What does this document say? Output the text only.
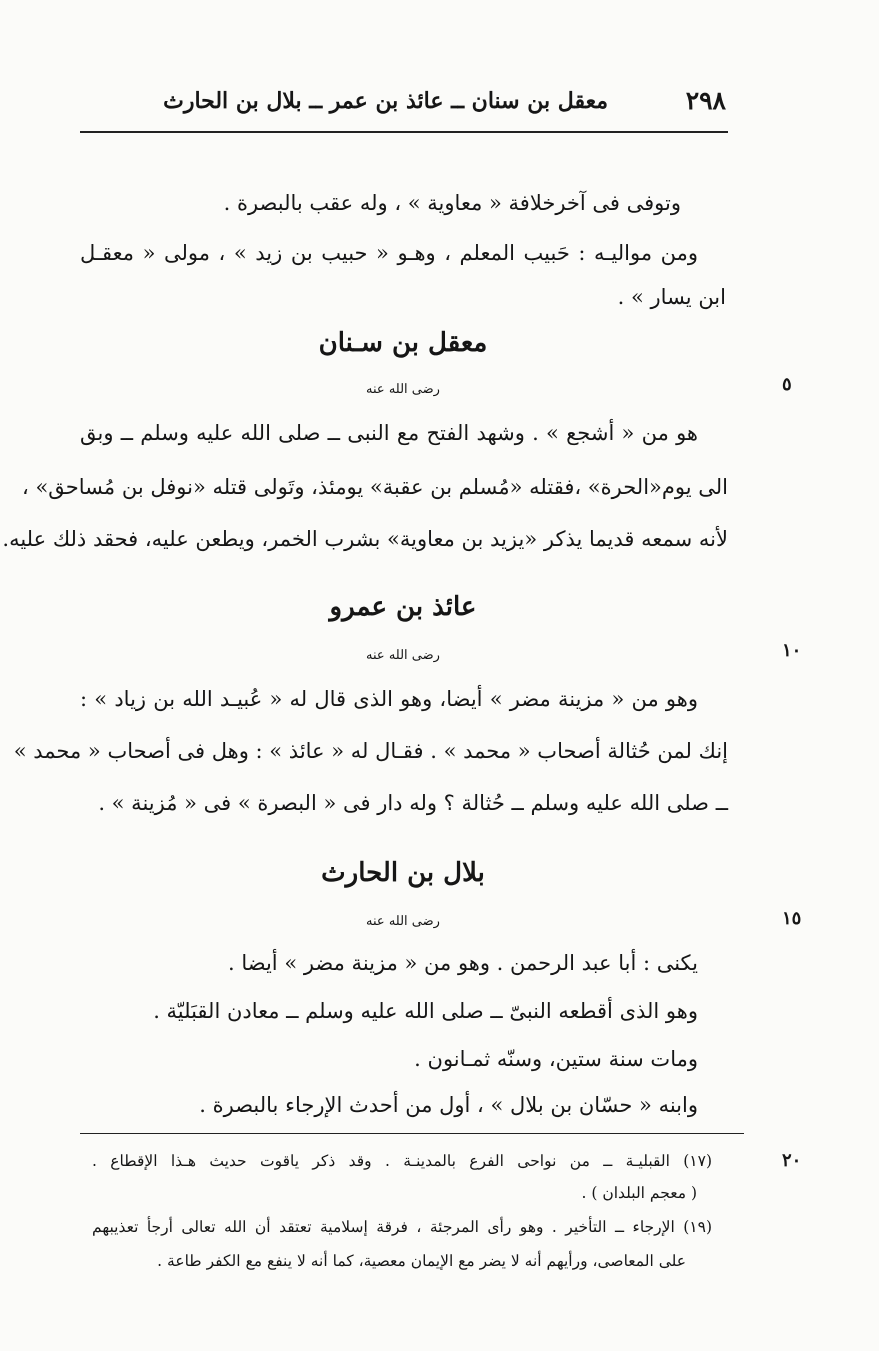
٢٩٨
معقل بن سنان ــ عائذ بن عمر ــ بلال بن الحارث
وتوفى فى آخرخلافة « معاوية » ، وله عقب بالبصرة .
ومن مواليـه : حَبيب المعلم ، وهـو « حبيب بن زيد » ، مولى « معقـل
ابن يسار » .
معقل بن سـنان
رضى الله عنه	٥
هو من « أشجع » . وشهد الفتح مع النبى ــ صلى الله عليه وسلم ــ وبق
الى يوم«الحرة» ،فقتله «مُسلم بن عقبة» يومئذ، وتَولى قتله «نوفل بن مُساحق» ،
لأنه سمعه قديما يذكر «يزيد بن معاوية» بشرب الخمر، ويطعن عليه، فحقد ذلك عليه.
عائذ بن عمرو
رضى الله عنه	١٠
وهو من « مزينة مضر » أيضا، وهو الذى قال له « عُبيـد الله بن زياد » :
إنك لمن حُثالة أصحاب « محمد » . فقـال له « عائذ » : وهل فى أصحاب « محمد »
ــ صلى الله عليه وسلم ــ حُثالة ؟ وله دار فى « البصرة » فى « مُزينة » .
بلال بن الحارث
رضى الله عنه	١٥
يكنى : أبا عبد الرحمن . وهو من « مزينة مضر » أيضا .
وهو الذى أقطعه النبىّ ــ صلى الله عليه وسلم ــ معادن القبَليّة .
ومات سنة ستين، وسنّه ثمـانون .
وابنه « حسّان بن بلال » ، أول من أحدث الإرجاء بالبصرة .
٢٠
(١٧) القبليـة ــ من نواحى الفرع بالمدينـة . وقد ذكر ياقوت حديث هـذا الإقطاع .
( معجم البلدان ) .
(١٩) الإرجاء ــ التأخير . وهو رأى المرجئة ، فرقة إسلامية تعتقد أن الله تعالى أرجأ تعذيبهم
على المعاصى، ورأيهم أنه لا يضر مع الإيمان معصية، كما أنه لا ينفع مع الكفر طاعة .
